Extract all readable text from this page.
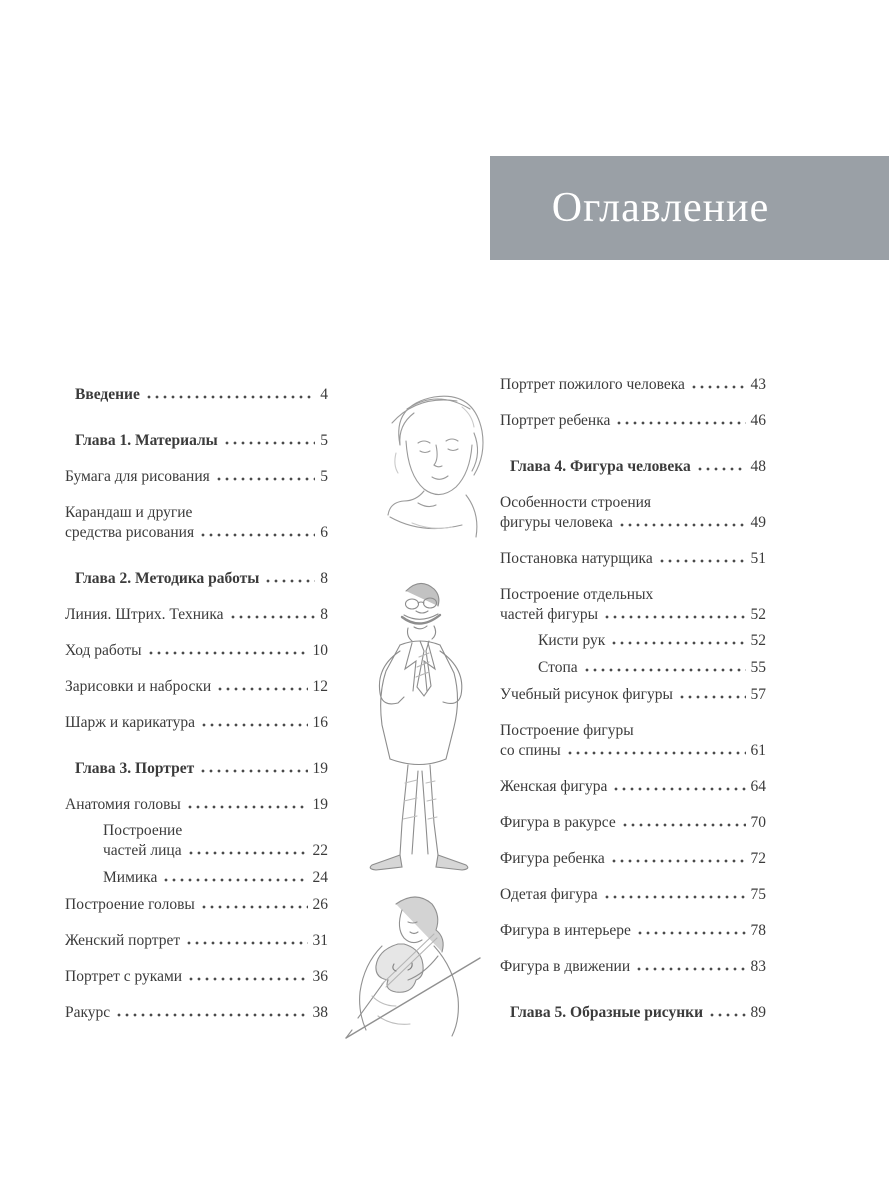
Оглавление
Введение	4
Глава 1. Материалы	5
Бумага для рисования	5
Карандаш и другие
средства рисования	6
Глава 2. Методика работы	8
Линия. Штрих. Техника	8
Ход работы	10
Зарисовки и наброски	12
Шарж и карикатура	16
Глава 3. Портрет	19
Анатомия головы	19
Построение
частей лица	22
Мимика	24
Построение головы	26
Женский портрет	31
Портрет с руками	36
Ракурс	38
Портрет пожилого человека	43
Портрет ребенка	46
Глава 4. Фигура человека	48
Особенности строения
фигуры человека	49
Постановка натурщика	51
Построение отдельных
частей фигуры	52
Кисти рук	52
Стопа	55
Учебный рисунок фигуры	57
Построение фигуры
со спины	61
Женская фигура	64
Фигура в ракурсе	70
Фигура ребенка	72
Одетая фигура	75
Фигура в интерьере	78
Фигура в движении	83
Глава 5. Образные рисунки	89
